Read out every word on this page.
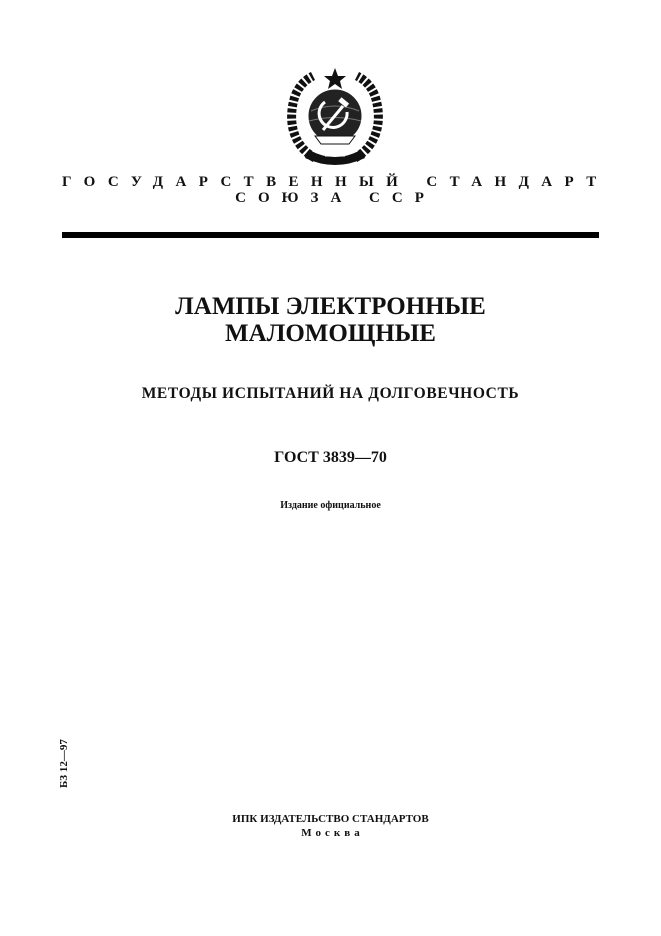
ГОСУДАРСТВЕННЫЙ СТАНДАРТ
СОЮЗА ССР
ЛАМПЫ ЭЛЕКТРОННЫЕ
МАЛОМОЩНЫЕ
МЕТОДЫ ИСПЫТАНИЙ НА ДОЛГОВЕЧНОСТЬ
ГОСТ 3839—70
Издание официальное
БЗ 12—97
ИПК ИЗДАТЕЛЬСТВО СТАНДАРТОВ
Москва
